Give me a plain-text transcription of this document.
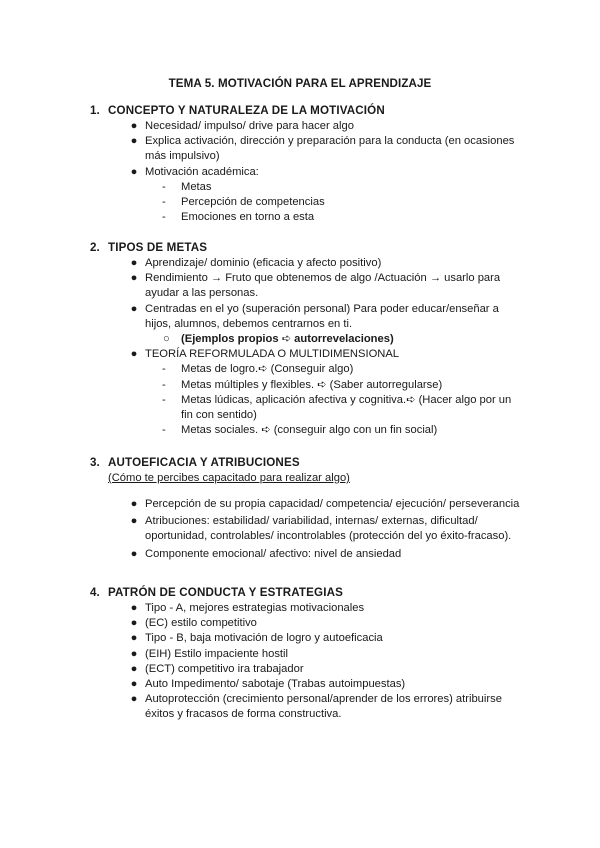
TEMA 5. MOTIVACIÓN PARA EL APRENDIZAJE
1. CONCEPTO Y NATURALEZA DE LA MOTIVACIÓN
● Necesidad/ impulso/ drive para hacer algo
● Explica activación, dirección y preparación para la conducta (en ocasiones más impulsivo)
● Motivación académica:
- Metas
- Percepción de competencias
- Emociones en torno a esta
2. TIPOS DE METAS
● Aprendizaje/ dominio (eficacia y afecto positivo)
● Rendimiento → Fruto que obtenemos de algo /Actuación → usarlo para ayudar a las personas.
● Centradas en el yo (superación personal) Para poder educar/enseñar a hijos, alumnos, debemos centrarnos en ti.
○ (Ejemplos propios ➪ autorrevelaciones)
● TEORÍA REFORMULADA O MULTIDIMENSIONAL
- Metas de logro.➪ (Conseguir algo)
- Metas múltiples y flexibles. ➪ (Saber autorregularse)
- Metas lúdicas, aplicación afectiva y cognitiva.➪ (Hacer algo por un fin con sentido)
- Metas sociales. ➪ (conseguir algo con un fin social)
3. AUTOEFICACIA Y ATRIBUCIONES
(Cómo te percibes capacitado para realizar algo)
● Percepción de su propia capacidad/ competencia/ ejecución/ perseverancia
● Atribuciones: estabilidad/ variabilidad, internas/ externas, dificultad/ oportunidad, controlables/ incontrolables (protección del yo éxito-fracaso).
● Componente emocional/ afectivo: nivel de ansiedad
4. PATRÓN DE CONDUCTA Y ESTRATEGIAS
● Tipo - A, mejores estrategias motivacionales
● (EC) estilo competitivo
● Tipo - B, baja motivación de logro y autoeficacia
● (EIH) Estilo impaciente hostil
● (ECT) competitivo ira trabajador
● Auto Impedimento/ sabotaje (Trabas autoimpuestas)
● Autoprotección (crecimiento personal/aprender de los errores) atribuirse éxitos y fracasos de forma constructiva.
